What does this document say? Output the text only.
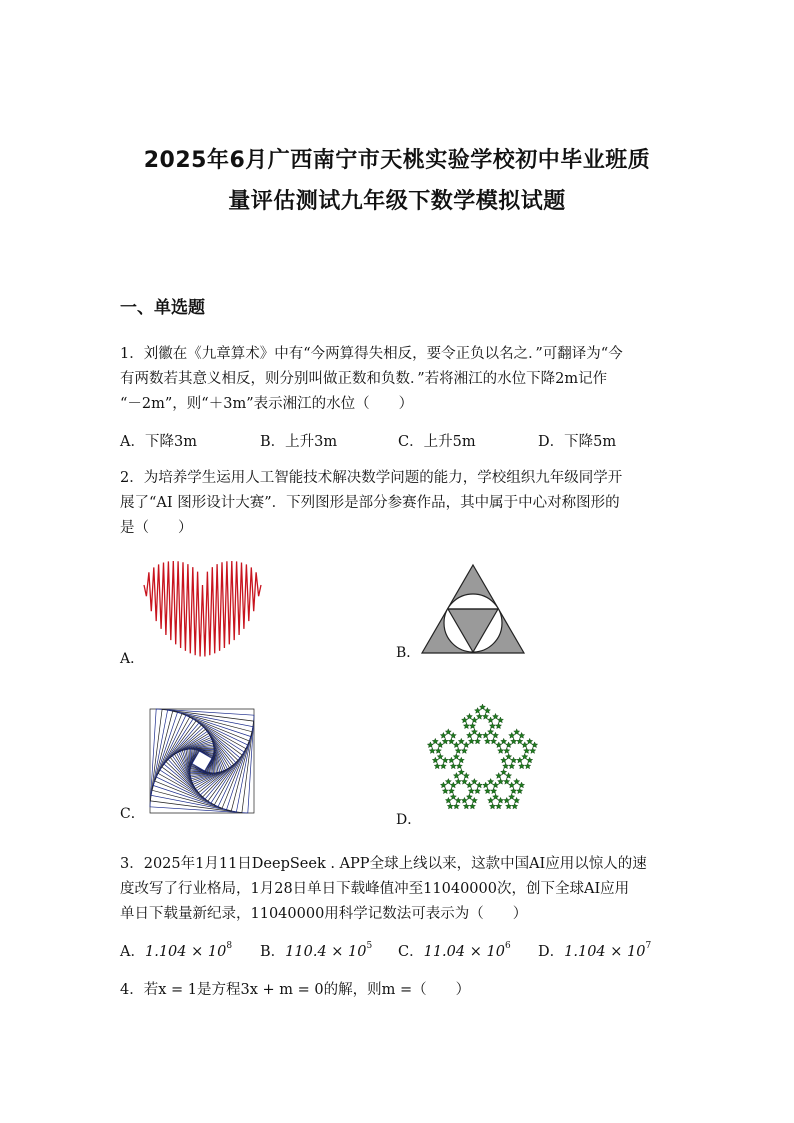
2025年6月广西南宁市天桃实验学校初中毕业班质
量评估测试九年级下数学模拟试题
一、单选题
1．刘徽在《九章算术》中有“今两算得失相反，要令正负以名之．”可翻译为“今
有两数若其意义相反，则分别叫做正数和负数．”若将湘江的水位下降2m记作
“－2m”，则“＋3m”表示湘江的水位（　　）
A．下降3m	B．上升3m	C．上升5m	D．下降5m
2．为培养学生运用人工智能技术解决数学问题的能力，学校组织九年级同学开
展了“AI 图形设计大赛”．下列图形是部分参赛作品，其中属于中心对称图形的
是（　　）
A．	B．
C．	D．
3．2025年1月11日DeepSeek . APP全球上线以来，这款中国AI应用以惊人的速
度改写了行业格局，1月28日单日下载峰值冲至11040000次，创下全球AI应用
单日下载量新纪录，11040000用科学记数法可表示为（　　）
A．$1.104 \times 10^8$ B．$110.4 \times 10^5$ C．$11.04 \times 10^6$ D．$1.104 \times 10^7$
4．若x = 1是方程3x + m = 0的解，则m =（　　）
